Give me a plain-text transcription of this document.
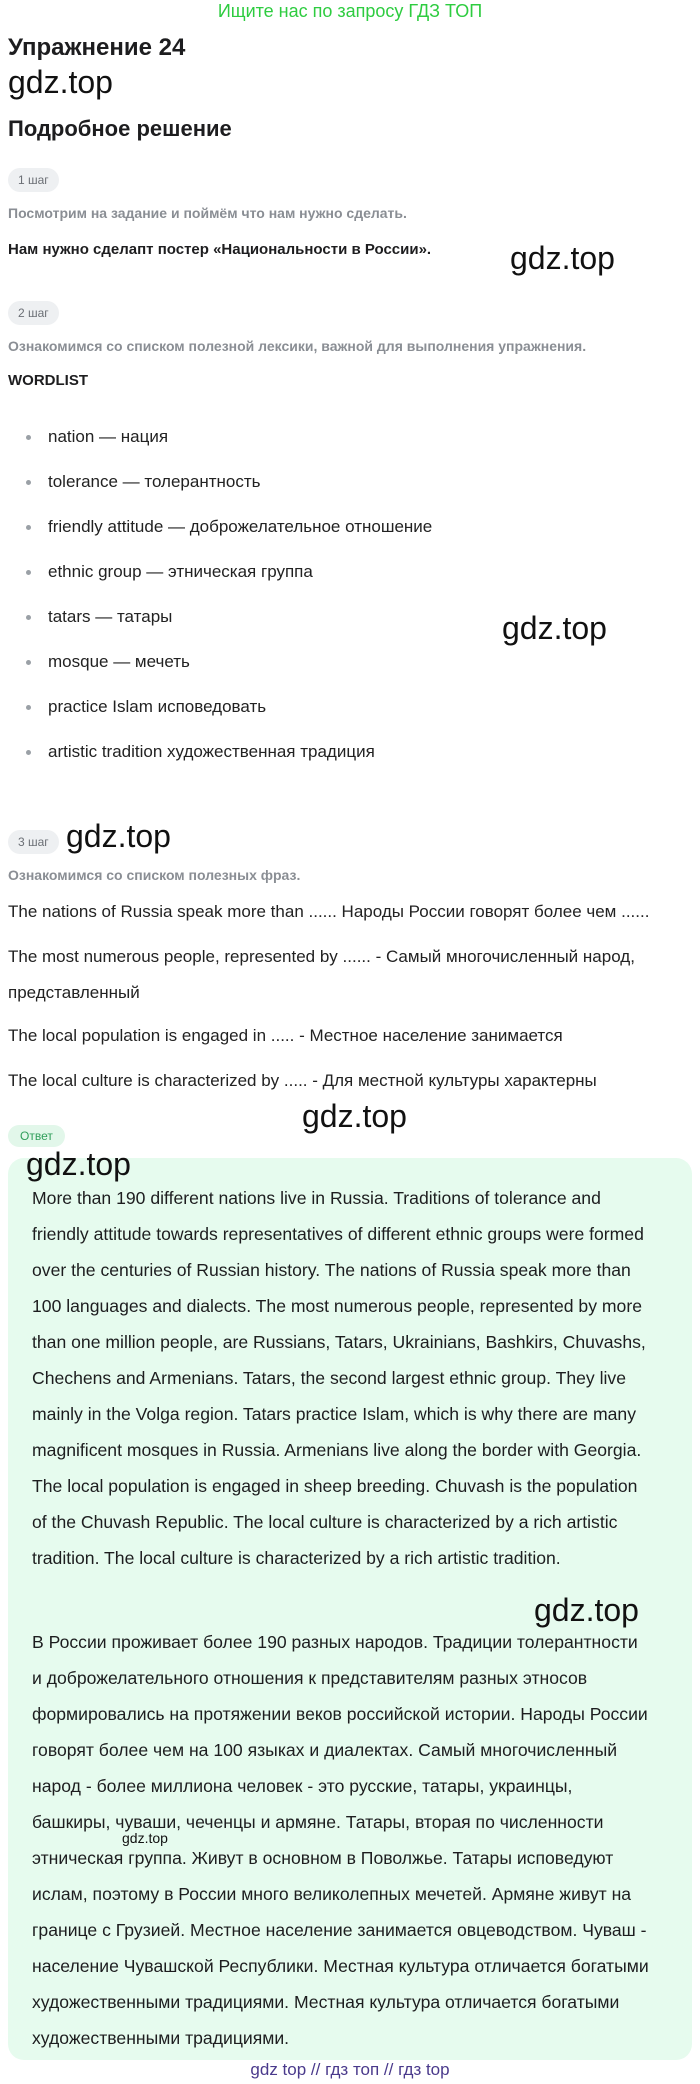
Ищите нас по запросу ГДЗ ТОП
Упражнение 24
gdz.top
Подробное решение
1 шаг
Посмотрим на задание и поймём что нам нужно сделать.
Нам нужно сделапт постер «Национальности в России». gdz.top
2 шаг
Ознакомимся со списком полезной лексики, важной для выполнения упражнения.
WORDLIST
nation — нация
tolerance — толерантность
friendly attitude — доброжелательное отношение
ethnic group — этническая группа
tatars — татары
mosque — мечеть
practice Islam исповедовать
artistic tradition художественная традиция
gdz.top
3 шаг gdz.top
Ознакомимся со списком полезных фраз.
The nations of Russia speak more than ...... Народы России говорят более чем ......
The most numerous people, represented by ...... - Самый многочисленный народ, представленный
The local population is engaged in ..... - Местное население занимается
The local culture is characterized by ..... - Для местной культуры характерны
gdz.top
Ответ
gdz.top
More than 190 different nations live in Russia. Traditions of tolerance and friendly attitude towards representatives of different ethnic groups were formed over the centuries of Russian history. The nations of Russia speak more than 100 languages and dialects. The most numerous people, represented by more than one million people, are Russians, Tatars, Ukrainians, Bashkirs, Chuvashs, Chechens and Armenians. Tatars, the second largest ethnic group. They live mainly in the Volga region. Tatars practice Islam, which is why there are many magnificent mosques in Russia. Armenians live along the border with Georgia. The local population is engaged in sheep breeding. Chuvash is the population of the Chuvash Republic. The local culture is characterized by a rich artistic tradition. The local culture is characterized by a rich artistic tradition.
gdz.top
В России проживает более 190 разных народов. Традиции толерантности и доброжелательного отношения к представителям разных этносов формировались на протяжении веков российской истории. Народы России говорят более чем на 100 языках и диалектах. Самый многочисленный народ - более миллиона человек - это русские, татары, украинцы, башкиры, чуваши, чеченцы и армяне. Татары, вторая по численности этническая группа. Живут в основном в Поволжье. Татары исповедуют ислам, поэтому в России много великолепных мечетей. Армяне живут на границе с Грузией. Местное население занимается овцеводством. Чуваш - население Чувашской Республики. Местная культура отличается богатыми художественными традициями. Местная культура отличается богатыми художественными традициями.
gdz.top
gdz top // гдз топ // гдз top
